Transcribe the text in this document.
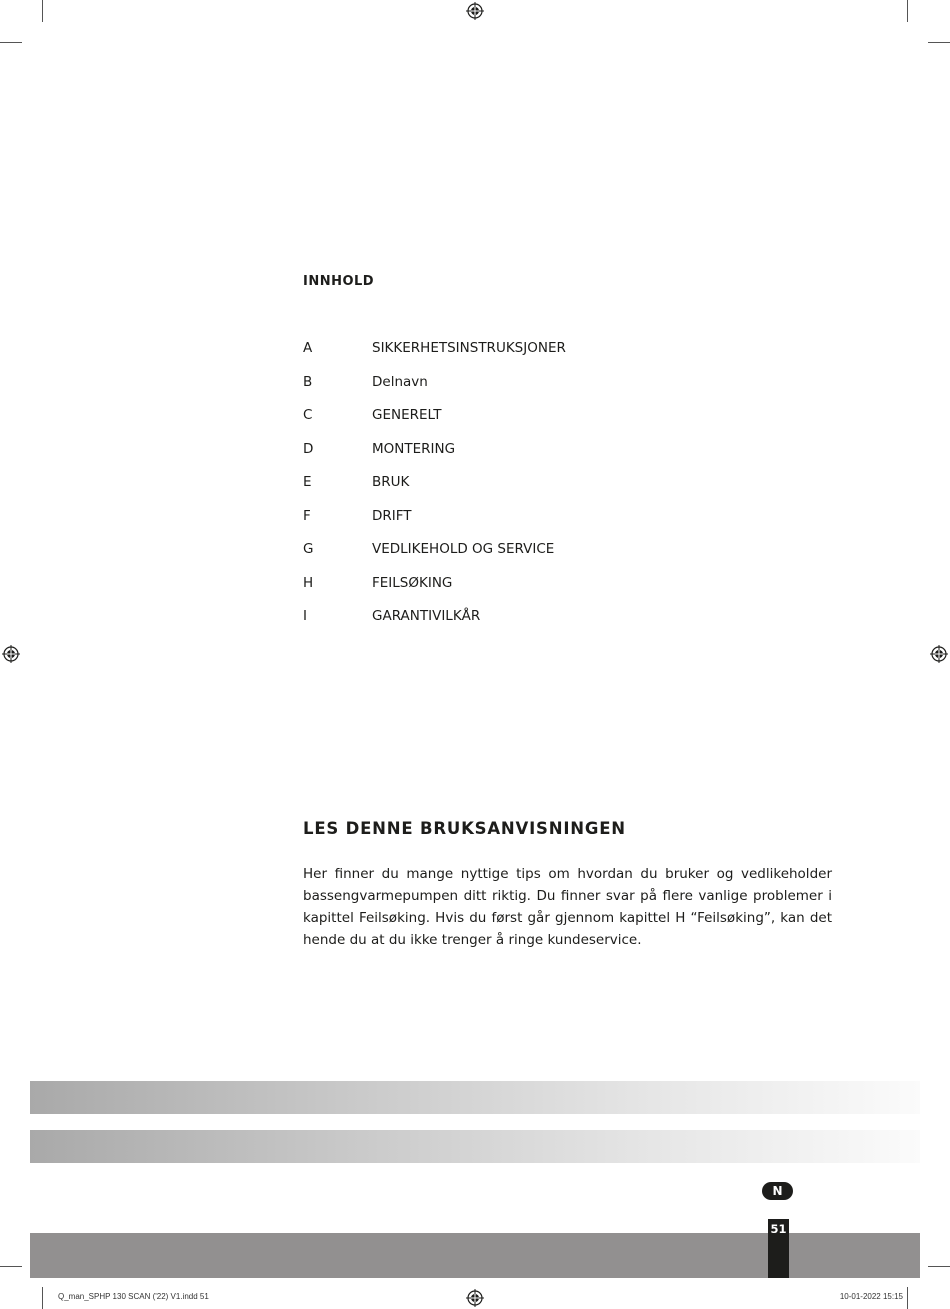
INNHOLD
A	SIKKERHETSINSTRUKSJONER
B	Delnavn
C	GENERELT
D	MONTERING
E	BRUK
F	DRIFT
G	VEDLIKEHOLD OG SERVICE
H	FEILSØKING
I	GARANTIVILKÅR
LES DENNE BRUKSANVISNINGEN

Her finner du mange nyttige tips om hvordan du bruker og vedlikeholder bassengvarmepumpen ditt riktig. Du finner svar på flere vanlige problemer i kapittel Feilsøking. Hvis du først går gjennom kapittel H “Feilsøking”, kan det hende du at du ikke trenger å ringe kundeservice.

N
51
Q_man_SPHP 130 SCAN ('22) V1.indd 51	10-01-2022 15:15
